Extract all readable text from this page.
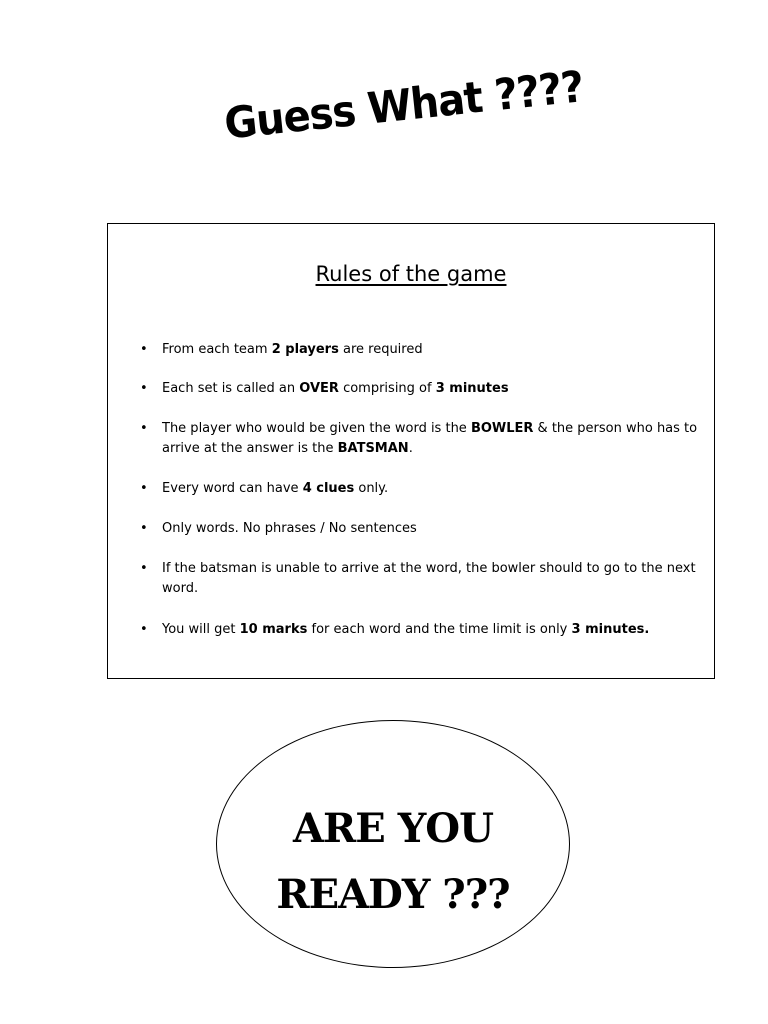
Guess What ????
Rules of the game
• From each team 2 players are required
• Each set is called an OVER comprising of 3 minutes
• The player who would be given the word is the BOWLER & the person who has to arrive at the answer is the BATSMAN.
• Every word can have 4 clues only.
• Only words. No phrases / No sentences
• If the batsman is unable to arrive at the word, the bowler should to go to the next word.
• You will get 10 marks for each word and the time limit is only 3 minutes.
ARE YOU
READY ???
